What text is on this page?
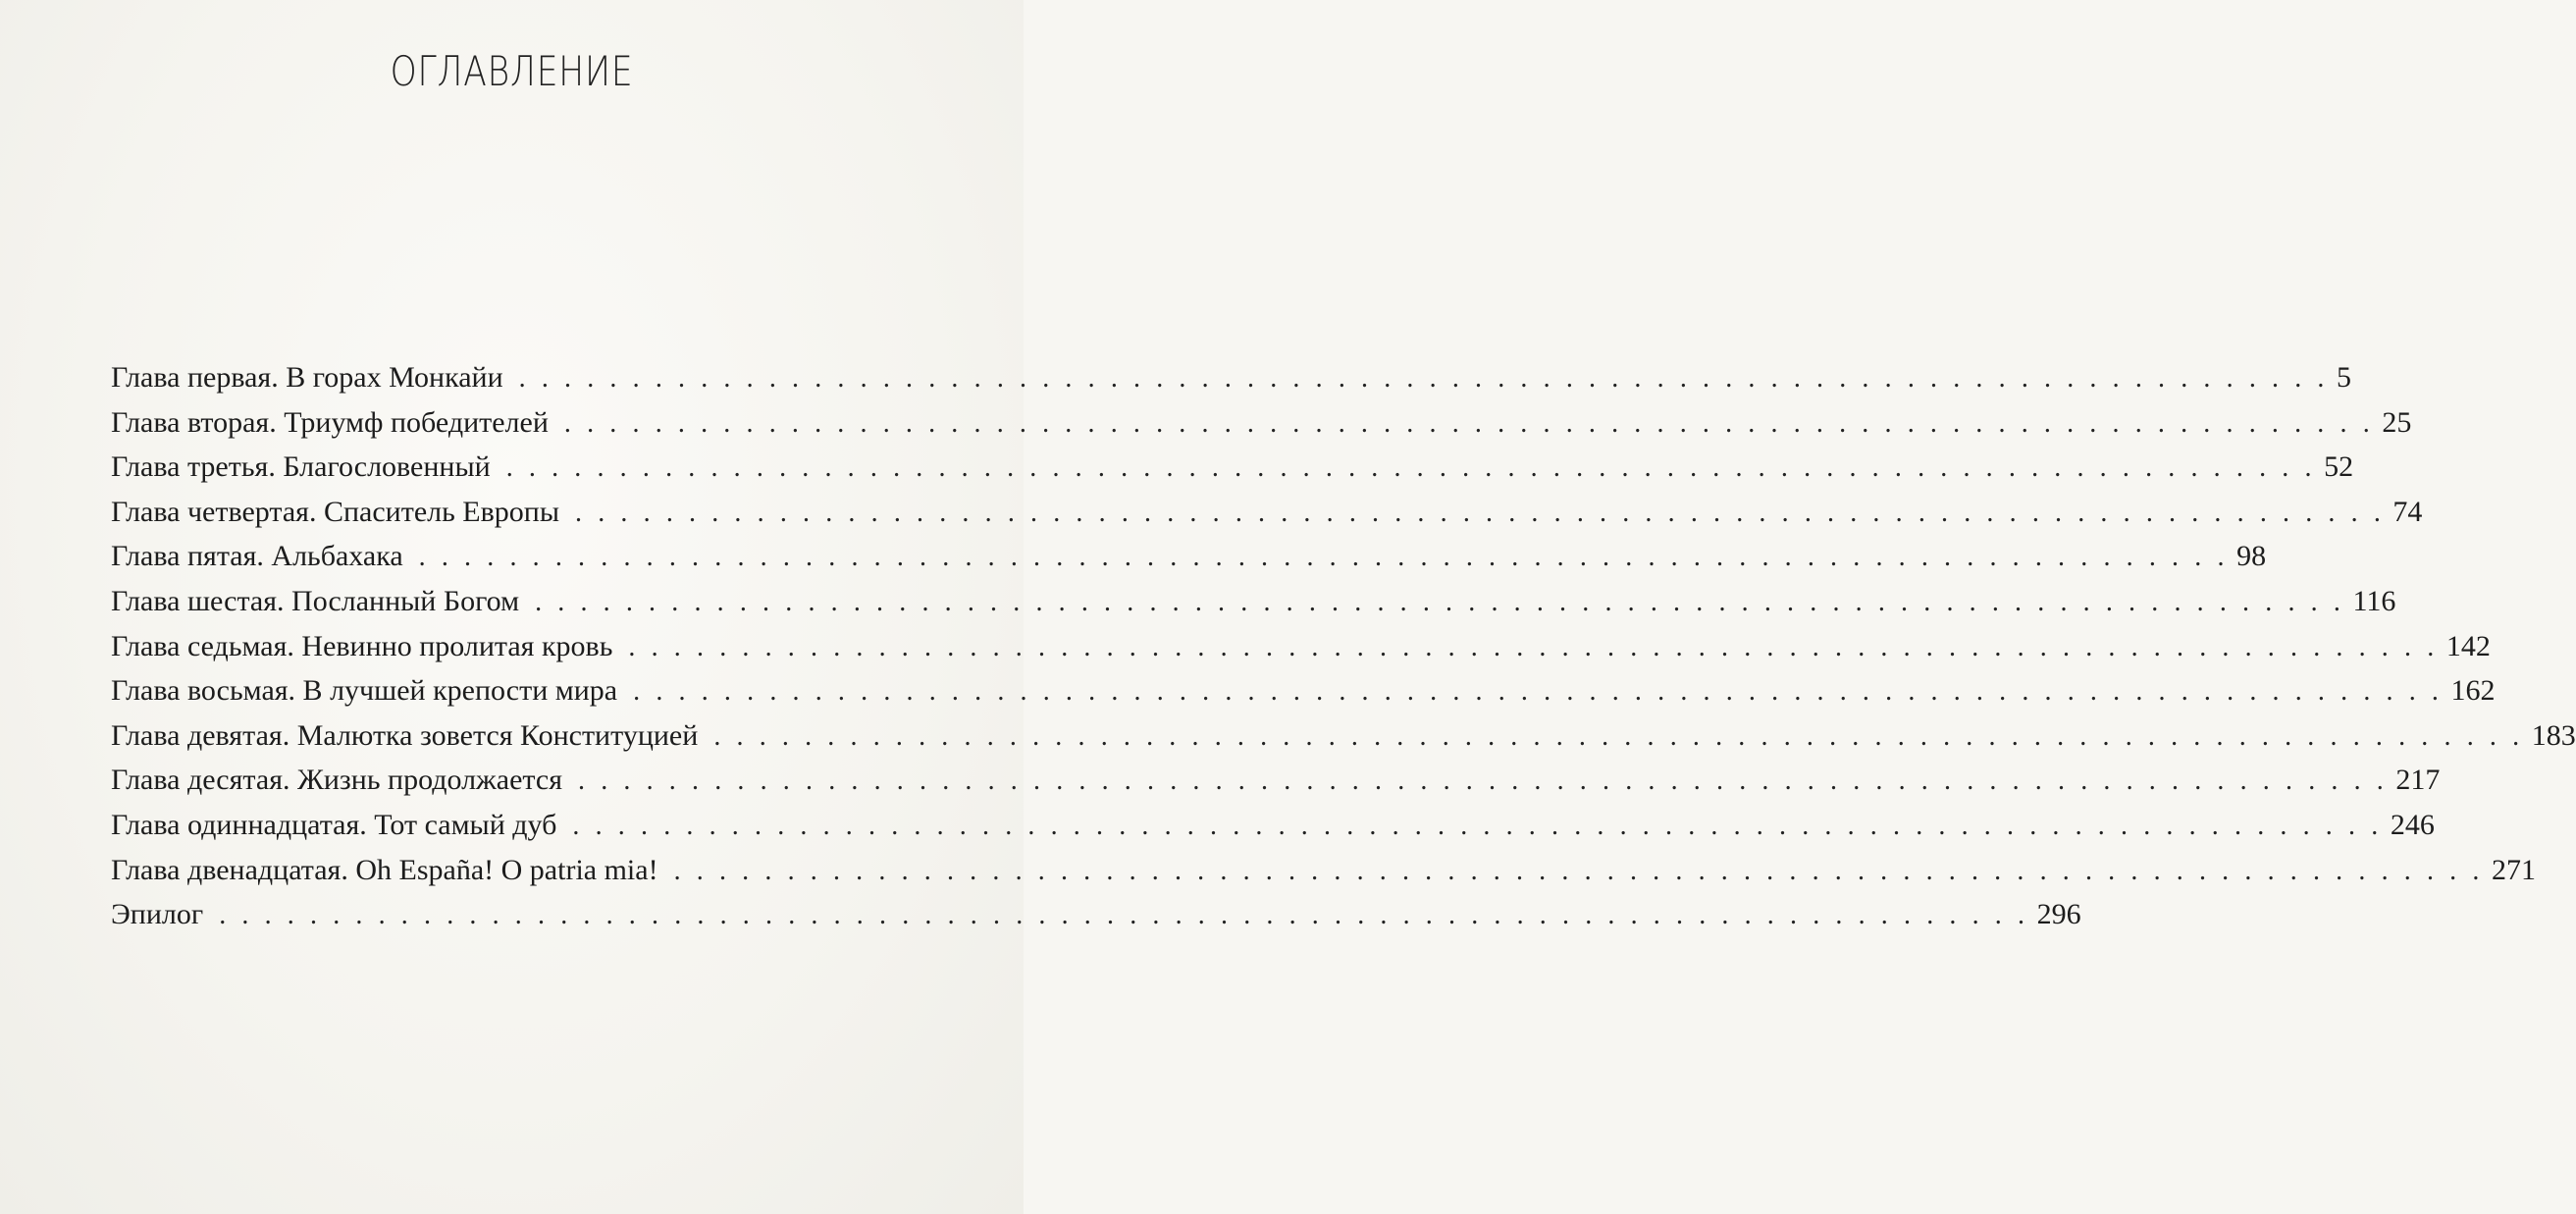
ОГЛАВЛЕНИЕ
Глава первая. В горах Монкайи . . . . . . . . . . . . . . . . . . . . . . . . . . . . . . . . . . . . . . . . . . . . . . . . . . . . . . . . . . . . . . . . . . . . . . . . . . . . . . . . 5
Глава вторая. Триумф победителей . . . . . . . . . . . . . . . . . . . . . . . . . . . . . . . . . . . . . . . . . . . . . . . . . . . . . . . . . . . . . . . . . . . . . . . . . . . . . . . . 25
Глава третья. Благословенный . . . . . . . . . . . . . . . . . . . . . . . . . . . . . . . . . . . . . . . . . . . . . . . . . . . . . . . . . . . . . . . . . . . . . . . . . . . . . . . . 52
Глава четвертая. Спаситель Европы . . . . . . . . . . . . . . . . . . . . . . . . . . . . . . . . . . . . . . . . . . . . . . . . . . . . . . . . . . . . . . . . . . . . . . . . . . . . . . . . 74
Глава пятая. Альбахака . . . . . . . . . . . . . . . . . . . . . . . . . . . . . . . . . . . . . . . . . . . . . . . . . . . . . . . . . . . . . . . . . . . . . . . . . . . . . . . . 98
Глава шестая. Посланный Богом . . . . . . . . . . . . . . . . . . . . . . . . . . . . . . . . . . . . . . . . . . . . . . . . . . . . . . . . . . . . . . . . . . . . . . . . . . . . . . . . 116
Глава седьмая. Невинно пролитая кровь . . . . . . . . . . . . . . . . . . . . . . . . . . . . . . . . . . . . . . . . . . . . . . . . . . . . . . . . . . . . . . . . . . . . . . . . . . . . . . . . 142
Глава восьмая. В лучшей крепости мира . . . . . . . . . . . . . . . . . . . . . . . . . . . . . . . . . . . . . . . . . . . . . . . . . . . . . . . . . . . . . . . . . . . . . . . . . . . . . . . . 162
Глава девятая. Малютка зовется Конституцией . . . . . . . . . . . . . . . . . . . . . . . . . . . . . . . . . . . . . . . . . . . . . . . . . . . . . . . . . . . . . . . . . . . . . . . . . . . . . . . . 183
Глава десятая. Жизнь продолжается . . . . . . . . . . . . . . . . . . . . . . . . . . . . . . . . . . . . . . . . . . . . . . . . . . . . . . . . . . . . . . . . . . . . . . . . . . . . . . . . 217
Глава одиннадцатая. Тот самый дуб . . . . . . . . . . . . . . . . . . . . . . . . . . . . . . . . . . . . . . . . . . . . . . . . . . . . . . . . . . . . . . . . . . . . . . . . . . . . . . . . 246
Глава двенадцатая. Oh España! O patria mia! . . . . . . . . . . . . . . . . . . . . . . . . . . . . . . . . . . . . . . . . . . . . . . . . . . . . . . . . . . . . . . . . . . . . . . . . . . . . . . . . 271
Эпилог . . . . . . . . . . . . . . . . . . . . . . . . . . . . . . . . . . . . . . . . . . . . . . . . . . . . . . . . . . . . . . . . . . . . . . . . . . . . . . . . 296
